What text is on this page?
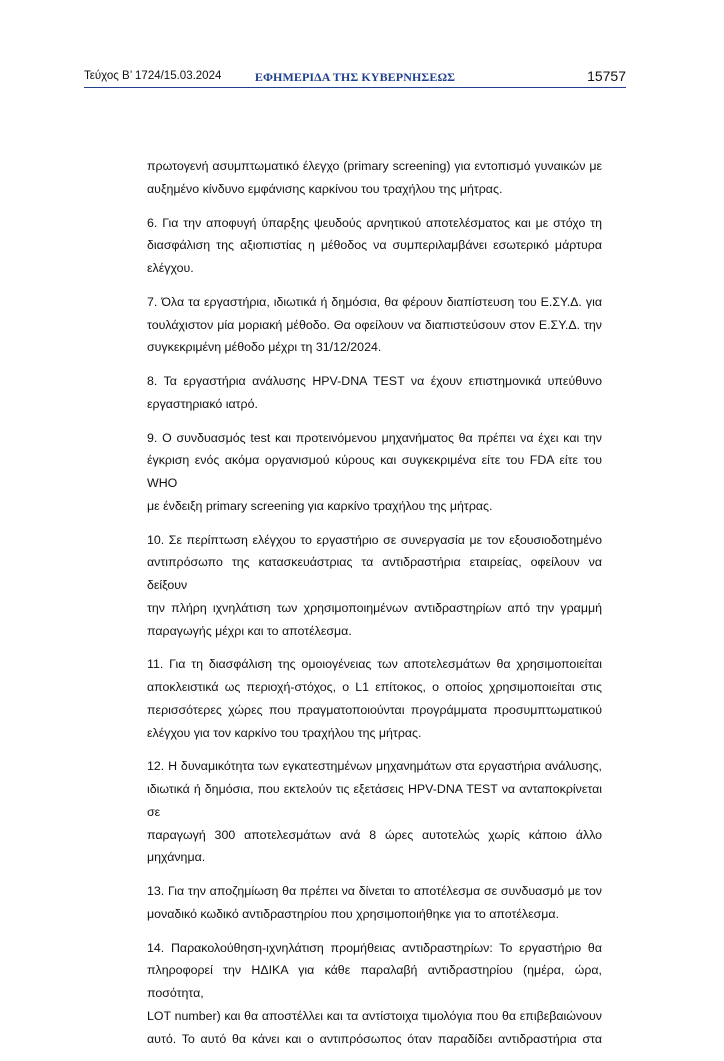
Τεύχος Β’ 1724/15.03.2024	ΕΦΗΜΕΡΙΔΑ ΤΗΣ ΚΥΒΕΡΝΗΣΕΩΣ	15757

πρωτογενή ασυμπτωματικό έλεγχο (primary screening) για εντοπισμό γυναικών με
αυξημένο κίνδυνο εμφάνισης καρκίνου του τραχήλου της μήτρας.

6. Για την αποφυγή ύπαρξης ψευδούς αρνητικού αποτελέσματος και με στόχο τη
διασφάλιση της αξιοπιστίας η μέθοδος να συμπεριλαμβάνει εσωτερικό μάρτυρα
ελέγχου.

7. Όλα τα εργαστήρια, ιδιωτικά ή δημόσια, θα φέρουν διαπίστευση του Ε.ΣΥ.Δ. για
τουλάχιστον μία μοριακή μέθοδο. Θα οφείλουν να διαπιστεύσουν στον Ε.ΣΥ.Δ. την
συγκεκριμένη μέθοδο μέχρι τη 31/12/2024.

8. Τα εργαστήρια ανάλυσης HPV-DNA TEST να έχουν επιστημονικά υπεύθυνο
εργαστηριακό ιατρό.

9. Ο συνδυασμός test και προτεινόμενου μηχανήματος θα πρέπει να έχει και την
έγκριση ενός ακόμα οργανισμού κύρους και συγκεκριμένα είτε του FDA είτε του WHO
με ένδειξη primary screening για καρκίνο τραχήλου της μήτρας.

10. Σε περίπτωση ελέγχου το εργαστήριο σε συνεργασία με τον εξουσιοδοτημένο
αντιπρόσωπο της κατασκευάστριας τα αντιδραστήρια εταιρείας, οφείλουν να δείξουν
την πλήρη ιχνηλάτιση των χρησιμοποιημένων αντιδραστηρίων από την γραμμή
παραγωγής μέχρι και το αποτέλεσμα.

11. Για τη διασφάλιση της ομοιογένειας των αποτελεσμάτων θα χρησιμοποιείται
αποκλειστικά ως περιοχή-στόχος, ο L1 επίτοκος, ο οποίος χρησιμοποιείται στις
περισσότερες χώρες που πραγματοποιούνται προγράμματα προσυμπτωματικού
ελέγχου για τον καρκίνο του τραχήλου της μήτρας.

12. Η δυναμικότητα των εγκατεστημένων μηχανημάτων στα εργαστήρια ανάλυσης,
ιδιωτικά ή δημόσια, που εκτελούν τις εξετάσεις HPV-DNA TEST να ανταποκρίνεται σε
παραγωγή 300 αποτελεσμάτων ανά 8 ώρες αυτοτελώς χωρίς κάποιο άλλο μηχάνημα.

13. Για την αποζημίωση θα πρέπει να δίνεται το αποτέλεσμα σε συνδυασμό με τον
μοναδικό κωδικό αντιδραστηρίου που χρησιμοποιήθηκε για το αποτέλεσμα.

14. Παρακολούθηση-ιχνηλάτιση προμήθειας αντιδραστηρίων: Το εργαστήριο θα
πληροφορεί την ΗΔΙΚΑ για κάθε παραλαβή αντιδραστηρίου (ημέρα, ώρα, ποσότητα,
LOT number) και θα αποστέλλει και τα αντίστοιχα τιμολόγια που θα επιβεβαιώνουν
αυτό. Το αυτό θα κάνει και ο αντιπρόσωπος όταν παραδίδει αντιδραστήρια στα
